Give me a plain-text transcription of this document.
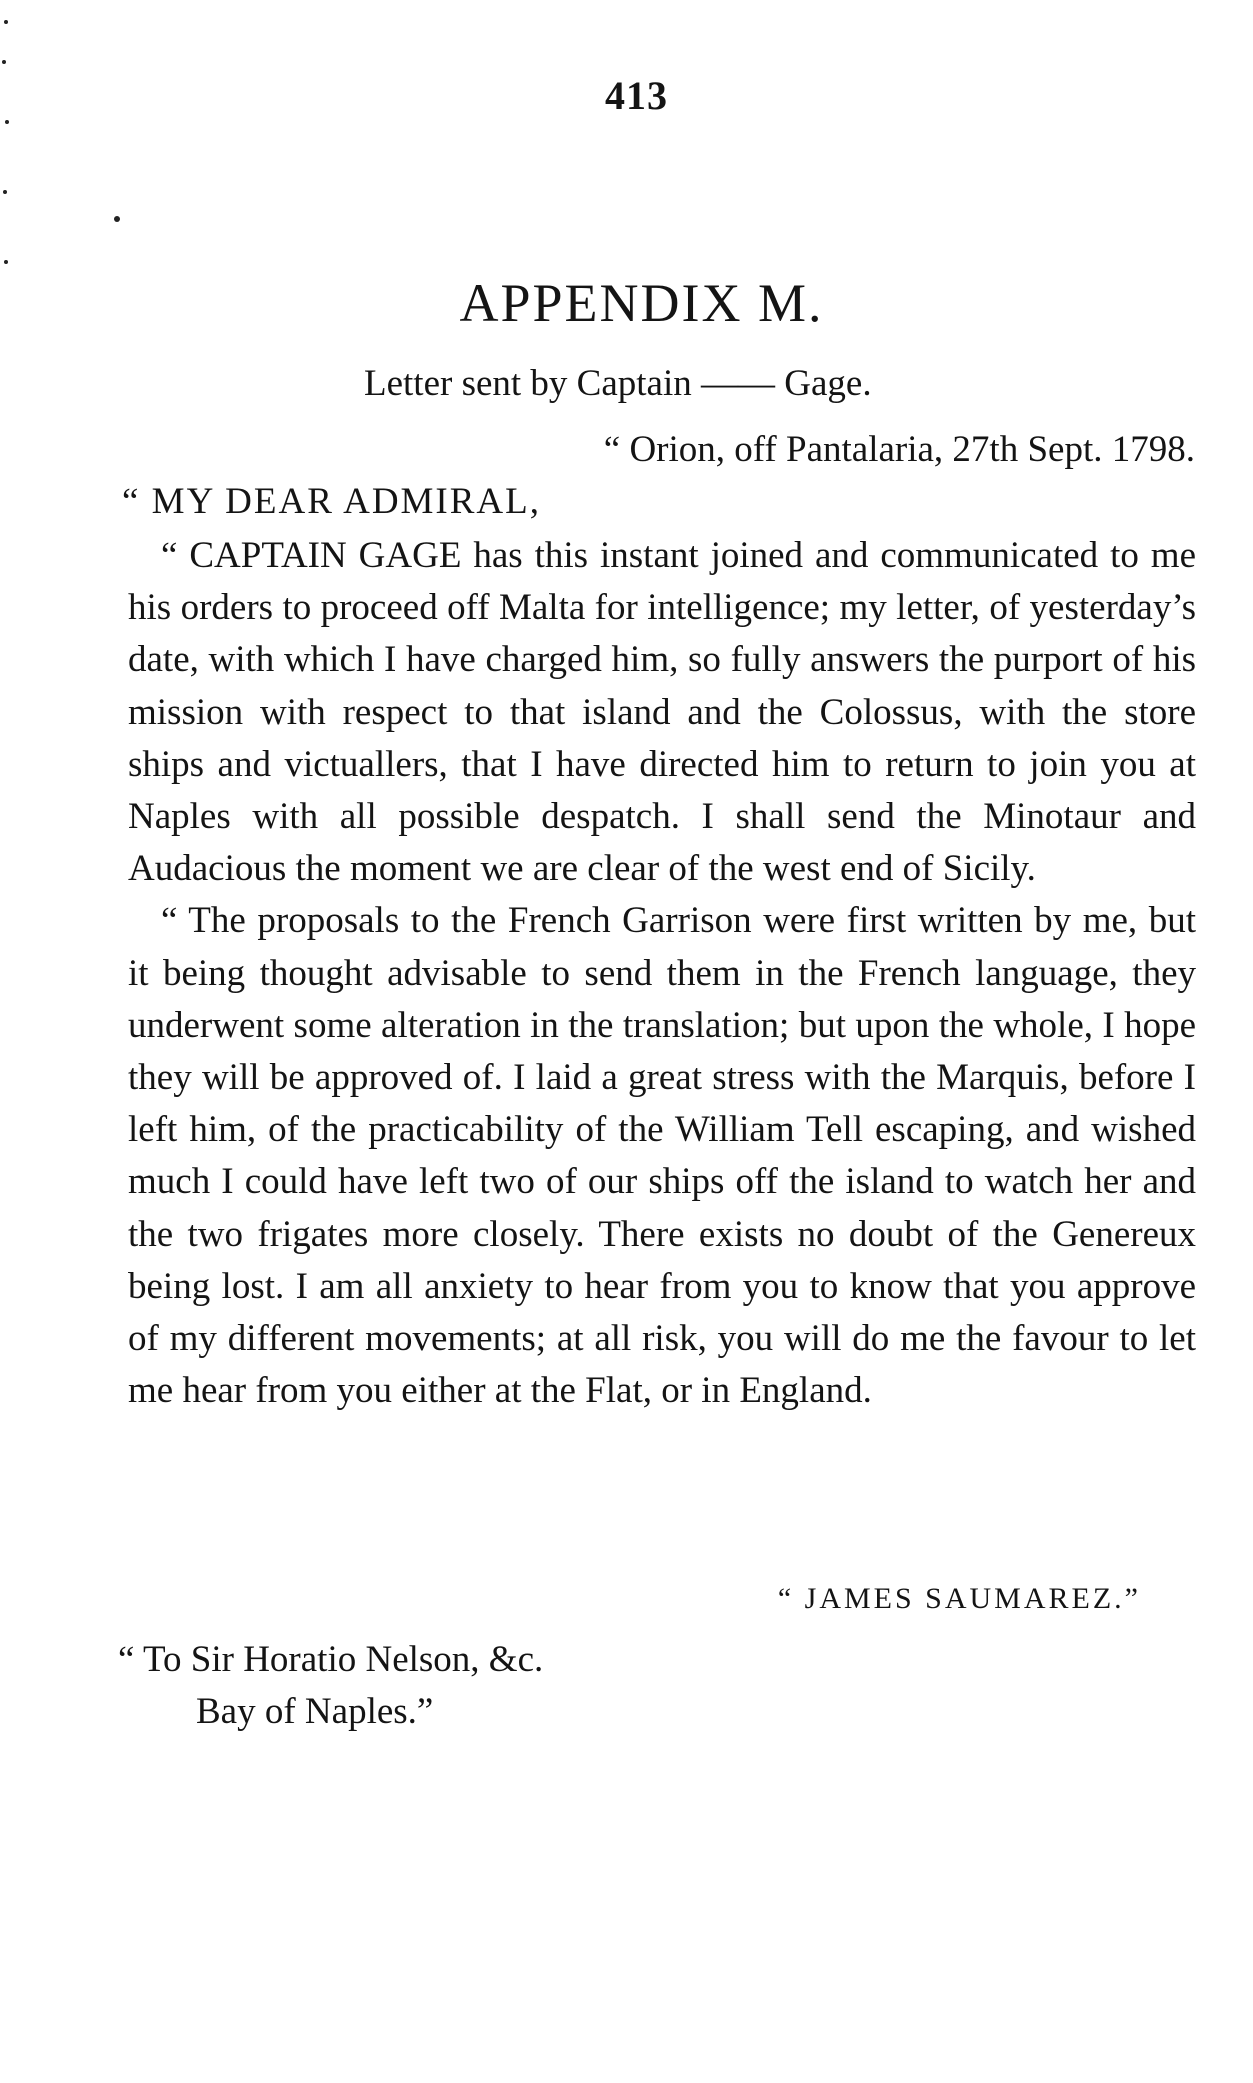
413
APPENDIX M.
Letter sent by Captain —— Gage.
“ Orion, off Pantalaria, 27th Sept. 1798.
“ MY DEAR ADMIRAL,

“ CAPTAIN GAGE has this instant joined and communicated to me his orders to proceed off Malta for intelligence; my letter, of yesterday’s date, with which I have charged him, so fully answers the purport of his mission with respect to that island and the Colossus, with the store ships and victuallers, that I have directed him to return to join you at Naples with all possible despatch. I shall send the Minotaur and Audacious the moment we are clear of the west end of Sicily.

“ The proposals to the French Garrison were first written by me, but it being thought advisable to send them in the French language, they underwent some alteration in the translation; but upon the whole, I hope they will be approved of. I laid a great stress with the Marquis, before I left him, of the practicability of the William Tell escaping, and wished much I could have left two of our ships off the island to watch her and the two frigates more closely. There exists no doubt of the Genereux being lost. I am all anxiety to hear from you to know that you approve of my different movements; at all risk, you will do me the favour to let me hear from you either at the Flat, or in England.

“ JAMES SAUMAREZ.”
“ To Sir Horatio Nelson, &c.
Bay of Naples.”
